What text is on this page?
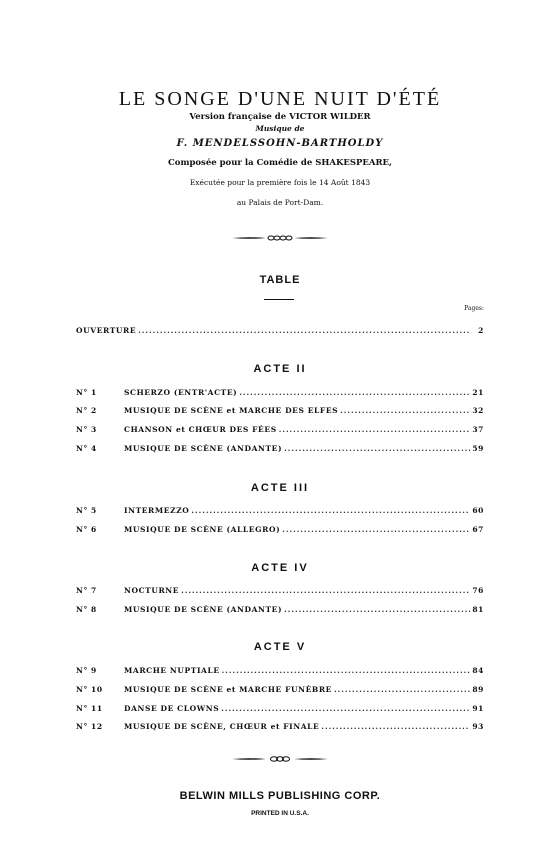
LE SONGE D'UNE NUIT D'ÉTÉ
Version française de VICTOR WILDER
Musique de
F. MENDELSSOHN-BARTHOLDY
Composée pour la Comédie de SHAKESPEARE,
Exécutée pour la première fois le 14 Août 1843
au Palais de Port-Dam.
TABLE
Pages:
OUVERTURE .....	2
ACTE II
N° 1	SCHERZO (ENTR'ACTE) .....	21
N° 2	MUSIQUE DE SCÈNE et MARCHE DES ELFES .....	32
N° 3	CHANSON et CHŒUR DES FÉES .....	37
N° 4	MUSIQUE DE SCÈNE (ANDANTE) .....	59
ACTE III
N° 5	INTERMEZZO .....	60
N° 6	MUSIQUE DE SCÈNE (ALLEGRO) .....	67
ACTE IV
N° 7	NOCTURNE .....	76
N° 8	MUSIQUE DE SCÈNE (ANDANTE) .....	81
ACTE V
N° 9	MARCHE NUPTIALE .....	84
N° 10	MUSIQUE DE SCÈNE et MARCHE FUNÈBRE .....	89
N° 11	DANSE DE CLOWNS .....	91
N° 12	MUSIQUE DE SCÈNE, CHŒUR et FINALE .....	93
BELWIN MILLS PUBLISHING CORP.
PRINTED IN U.S.A.
